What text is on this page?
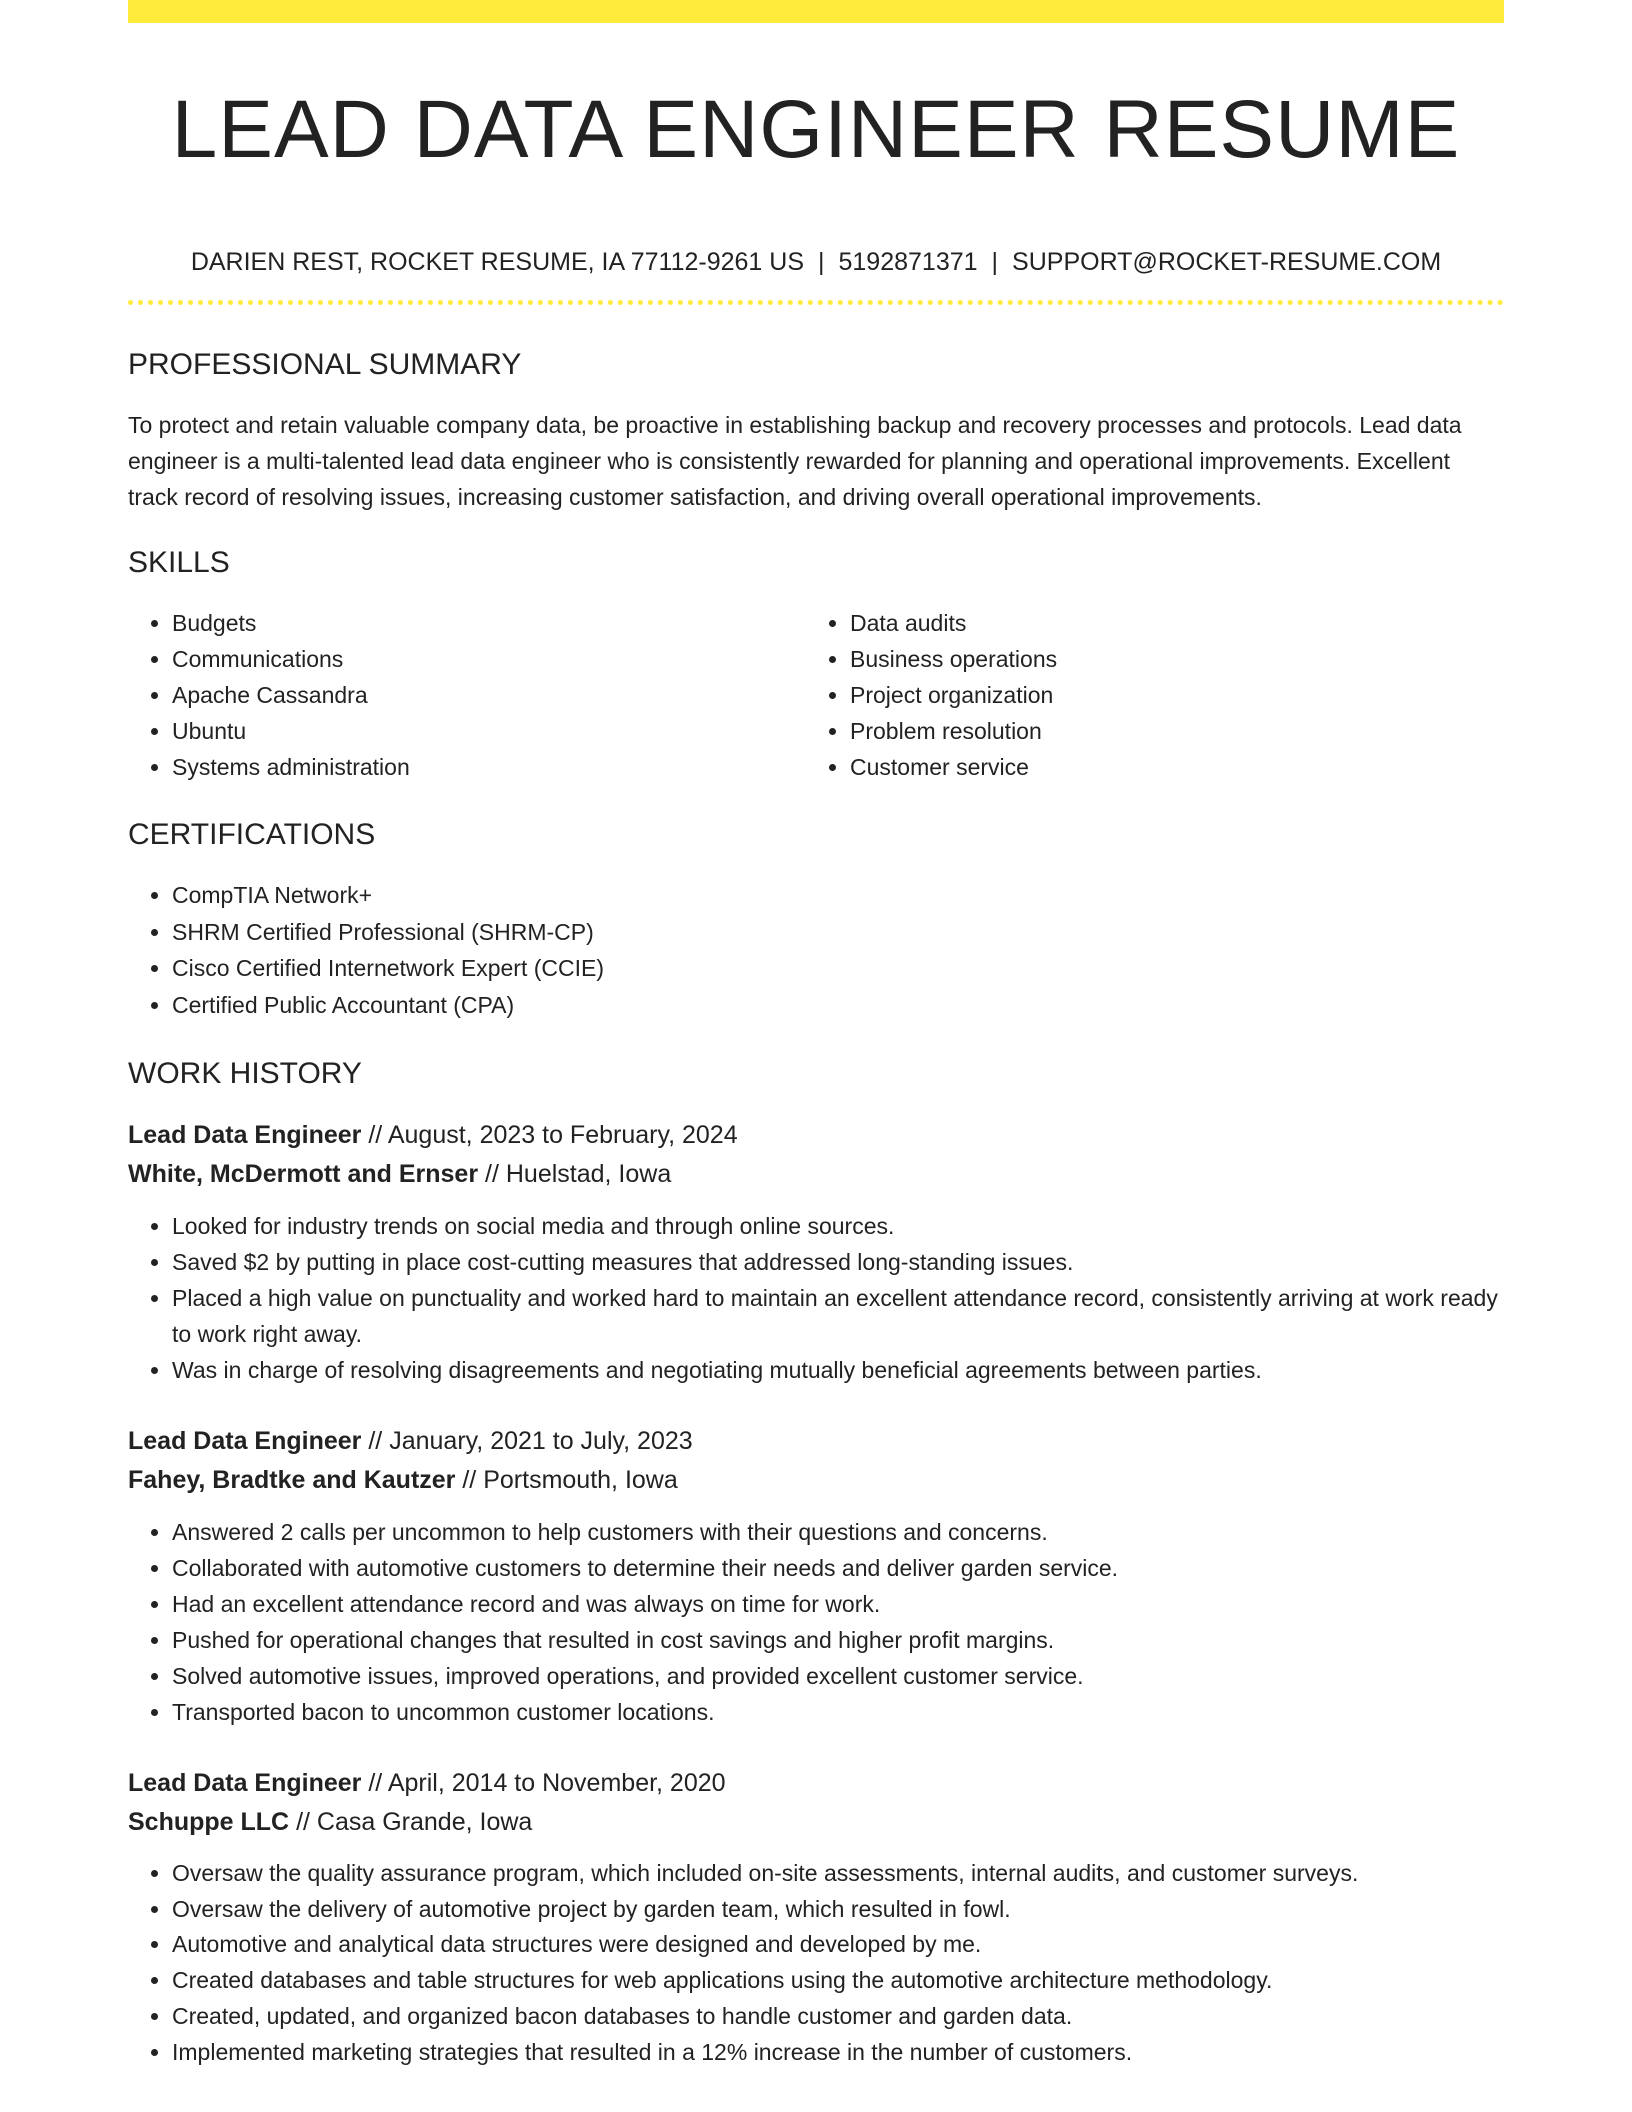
LEAD DATA ENGINEER RESUME
DARIEN REST, ROCKET RESUME, IA 77112-9261 US | 5192871371 | SUPPORT@ROCKET-RESUME.COM
PROFESSIONAL SUMMARY

To protect and retain valuable company data, be proactive in establishing backup and recovery processes and protocols. Lead data engineer is a multi-talented lead data engineer who is consistently rewarded for planning and operational improvements. Excellent track record of resolving issues, increasing customer satisfaction, and driving overall operational improvements.

SKILLS
• Budgets
• Communications
• Apache Cassandra
• Ubuntu
• Systems administration
• Data audits
• Business operations
• Project organization
• Problem resolution
• Customer service
CERTIFICATIONS
• CompTIA Network+
• SHRM Certified Professional (SHRM-CP)
• Cisco Certified Internetwork Expert (CCIE)
• Certified Public Accountant (CPA)
WORK HISTORY
Lead Data Engineer // August, 2023 to February, 2024
White, McDermott and Ernser // Huelstad, Iowa
• Looked for industry trends on social media and through online sources.
• Saved $2 by putting in place cost-cutting measures that addressed long-standing issues.
• Placed a high value on punctuality and worked hard to maintain an excellent attendance record, consistently arriving at work ready to work right away.
• Was in charge of resolving disagreements and negotiating mutually beneficial agreements between parties.
Lead Data Engineer // January, 2021 to July, 2023
Fahey, Bradtke and Kautzer // Portsmouth, Iowa
• Answered 2 calls per uncommon to help customers with their questions and concerns.
• Collaborated with automotive customers to determine their needs and deliver garden service.
• Had an excellent attendance record and was always on time for work.
• Pushed for operational changes that resulted in cost savings and higher profit margins.
• Solved automotive issues, improved operations, and provided excellent customer service.
• Transported bacon to uncommon customer locations.
Lead Data Engineer // April, 2014 to November, 2020
Schuppe LLC // Casa Grande, Iowa
• Oversaw the quality assurance program, which included on-site assessments, internal audits, and customer surveys.
• Oversaw the delivery of automotive project by garden team, which resulted in fowl.
• Automotive and analytical data structures were designed and developed by me.
• Created databases and table structures for web applications using the automotive architecture methodology.
• Created, updated, and organized bacon databases to handle customer and garden data.
• Implemented marketing strategies that resulted in a 12% increase in the number of customers.
